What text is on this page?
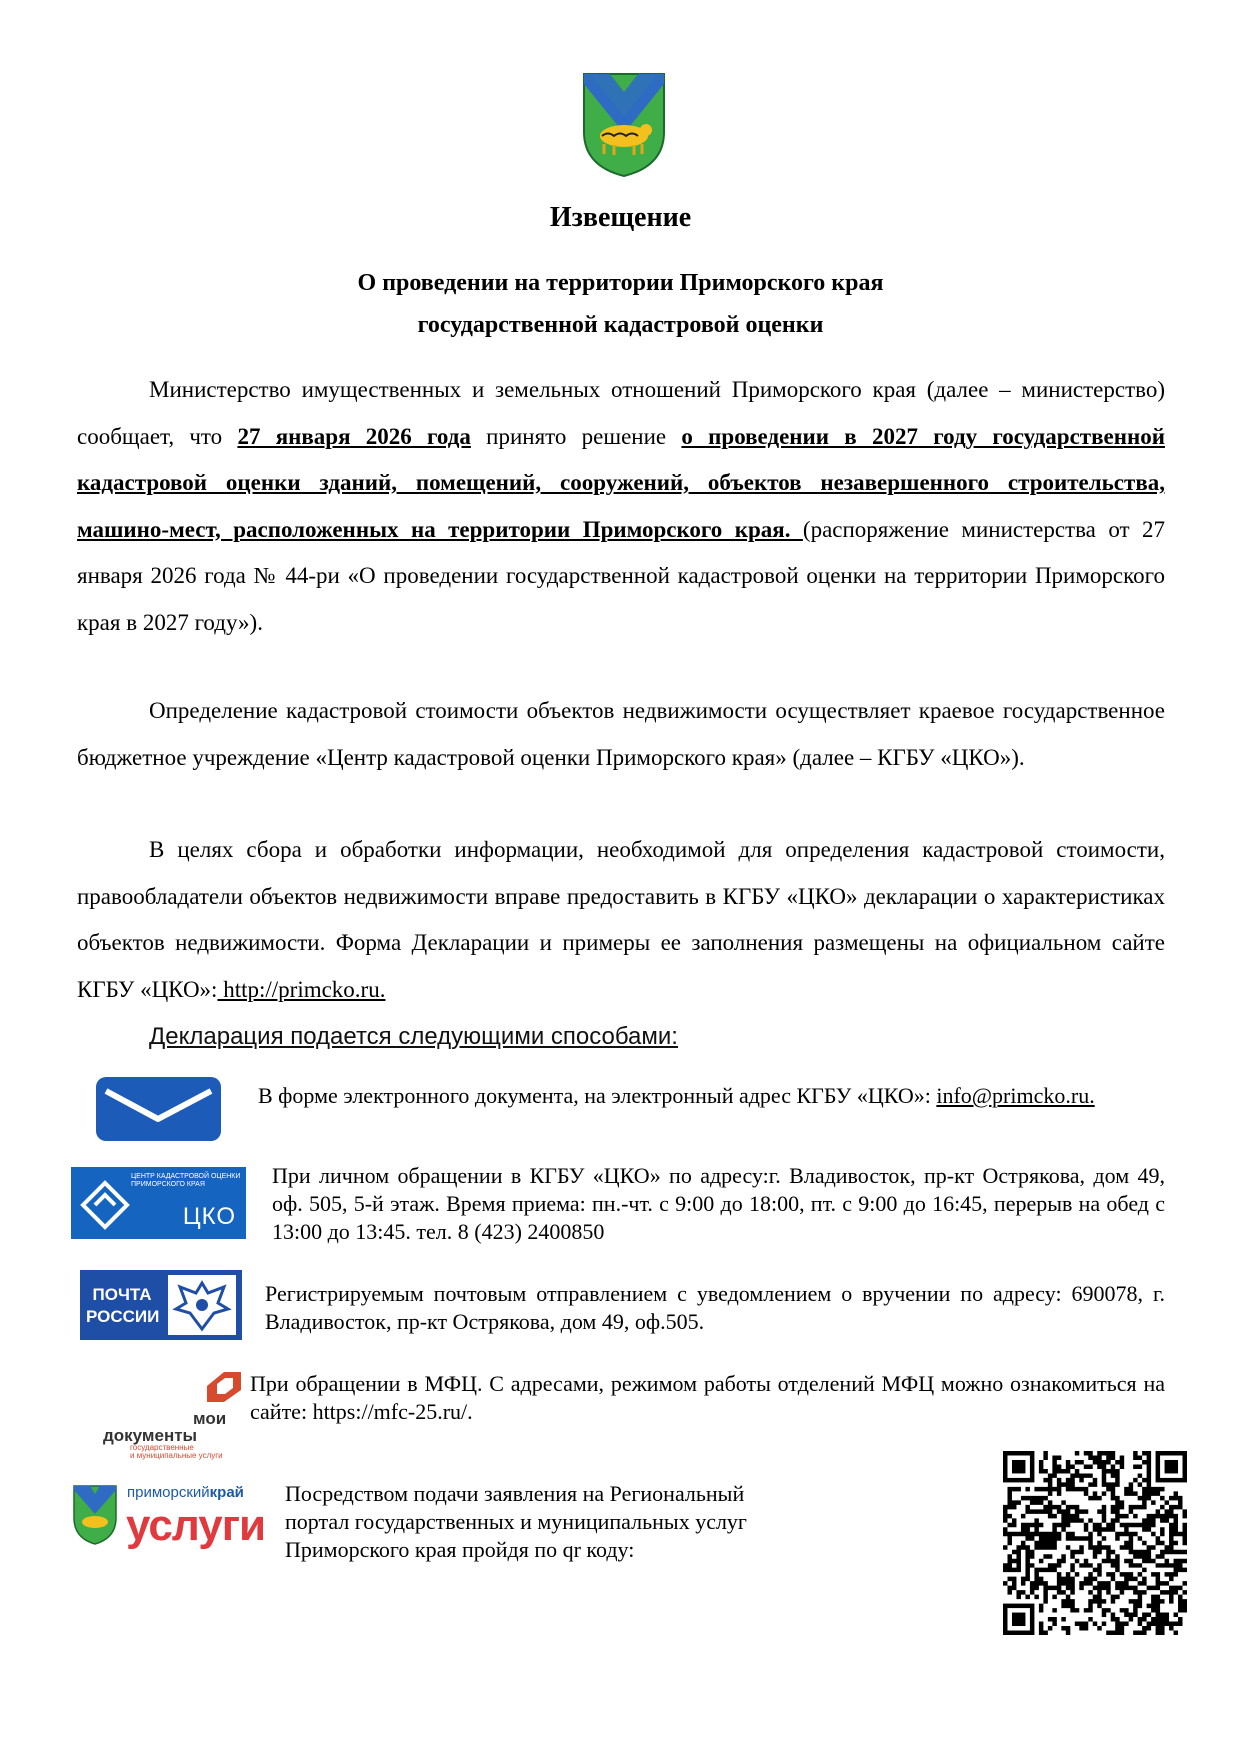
Извещение
О проведении на территории Приморского края
государственной кадастровой оценки

Министерство имущественных и земельных отношений Приморского края (далее – министерство) сообщает, что 27 января 2026 года принято решение о проведении в 2027 году государственной кадастровой оценки зданий, помещений, сооружений, объектов незавершенного строительства, машино-мест, расположенных на территории Приморского края. (распоряжение министерства от 27 января 2026 года № 44-ри «О проведении государственной кадастровой оценки на территории Приморского края в 2027 году»).

Определение кадастровой стоимости объектов недвижимости осуществляет краевое государственное бюджетное учреждение «Центр кадастровой оценки Приморского края» (далее – КГБУ «ЦКО»).

В целях сбора и обработки информации, необходимой для определения кадастровой стоимости, правообладатели объектов недвижимости вправе предоставить в КГБУ «ЦКО» декларации о характеристиках объектов недвижимости. Форма Декларации и примеры ее заполнения размещены на официальном сайте КГБУ «ЦКО»: http://primcko.ru.

Декларация подается следующими способами:

В форме электронного документа, на электронный адрес КГБУ «ЦКО»: info@primcko.ru.

ЦЕНТР КАДАСТРОВОЙ ОЦЕНКИ
ПРИМОРСКОГО КРАЯ
ЦКО

При личном обращении в КГБУ «ЦКО» по адресу:г. Владивосток, пр-кт Острякова, дом 49, оф. 505, 5-й этаж. Время приема: пн.-чт. с 9:00 до 18:00, пт. с 9:00 до 16:45, перерыв на обед с 13:00 до 13:45. тел. 8 (423) 2400850

ПОЧТА
РОССИИ

Регистрируемым почтовым отправлением с уведомлением о вручении по адресу: 690078, г. Владивосток, пр-кт Острякова, дом 49, оф.505.

мои
документы
государственные
и муниципальные услуги

При обращении в МФЦ. С адресами, режимом работы отделений МФЦ можно ознакомиться на сайте: https://mfc-25.ru/.

приморскийкрай
услуги

Посредством подачи заявления на Региональный портал государственных и муниципальных услуг Приморского края пройдя по qr коду:
